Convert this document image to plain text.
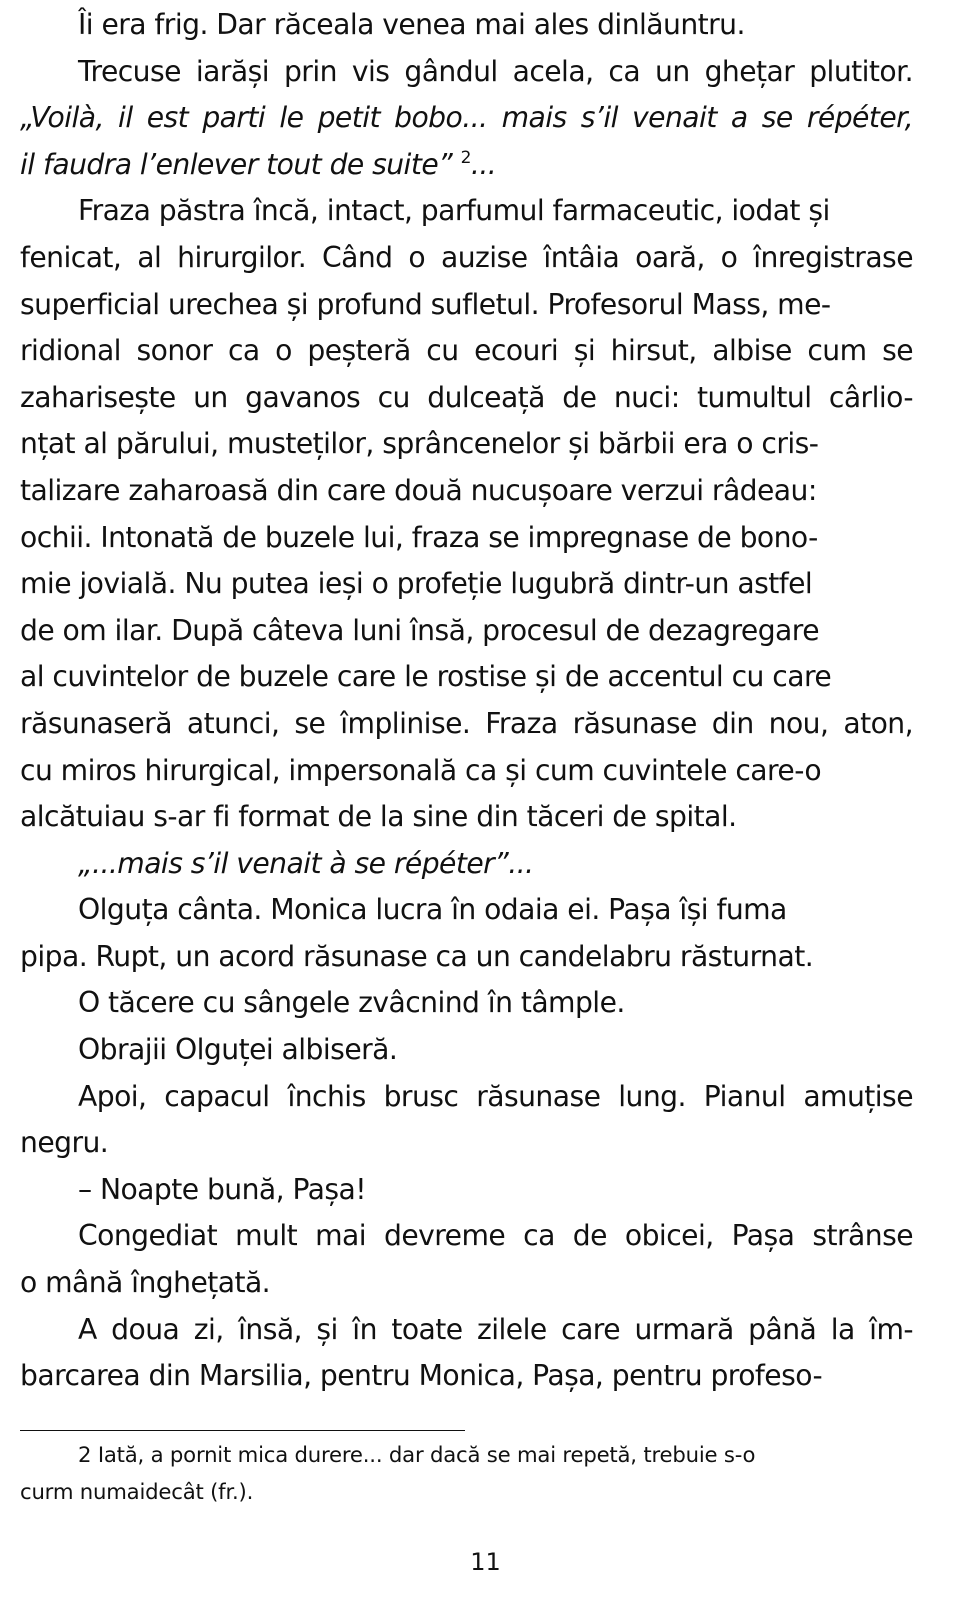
Îi era frig. Dar răceala venea mai ales dinlăuntru.
Trecuse iarăși prin vis gândul acela, ca un ghețar plutitor.
„Voilà, il est parti le petit bobo... mais s’il venait a se répéter,
il faudra l’enlever tout de suite” $^2$...
Fraza păstra încă, intact, parfumul farmaceutic, iodat și
fenicat, al hirurgilor. Când o auzise întâia oară, o înregistrase
superficial urechea și profund sufletul. Profesorul Mass, me-
ridional sonor ca o peșteră cu ecouri și hirsut, albise cum se
zaharisește un gavanos cu dulceață de nuci: tumultul cârlio-
nțat al părului, musteților, sprâncenelor și bărbii era o cris-
talizare zaharoasă din care două nucușoare verzui râdeau:
ochii. Intonată de buzele lui, fraza se impregnase de bono-
mie jovială. Nu putea ieși o profeție lugubră dintr-un astfel
de om ilar. După câteva luni însă, procesul de dezagregare
al cuvintelor de buzele care le rostise și de accentul cu care
răsunaseră atunci, se împlinise. Fraza răsunase din nou, aton,
cu miros hirurgical, impersonală ca și cum cuvintele care-o
alcătuiau s-ar fi format de la sine din tăceri de spital.
„...mais s’il venait à se répéter”...
Olguța cânta. Monica lucra în odaia ei. Pașa își fuma
pipa. Rupt, un acord răsunase ca un candelabru răsturnat.
O tăcere cu sângele zvâcnind în tâmple.
Obrajii Olguței albiseră.
Apoi, capacul închis brusc răsunase lung. Pianul amuțise
negru.
– Noapte bună, Pașa!
Congediat mult mai devreme ca de obicei, Pașa strânse
o mână înghețată.
A doua zi, însă, și în toate zilele care urmară până la îm-
barcarea din Marsilia, pentru Monica, Pașa, pentru profeso-
2 Iată, a pornit mica durere... dar dacă se mai repetă, trebuie s-o
curm numaidecât (fr.).
11
